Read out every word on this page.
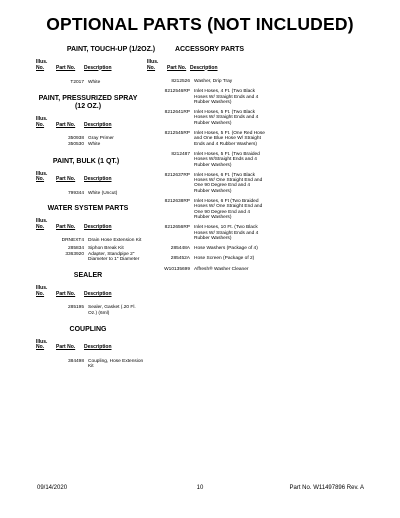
OPTIONAL PARTS (NOT INCLUDED)
PAINT, TOUCH-UP (1/2OZ.)
Illus.
No.	Part No.	Description
T2017 White
PAINT, PRESSURIZED SPRAY (12 OZ.)
Illus.
No.	Part No.	Description
350938 Gray Primer
350530 White
PAINT, BULK (1 QT.)
Illus.
No.	Part No.	Description
799344 White (Uncut)
WATER SYSTEM PARTS
Illus.
No.	Part No.	Description
DRNEXT4 Drain Hose Extension Kit
285834 Siphon Break Kit
3363920 Adapter, Standpipe 2" Diameter to 1" Diameter
SEALER
Illus.
No.	Part No.	Description
285195 Sealer, Gasket (.20 Fl. Oz.) (6ml)
COUPLING
Illus.
No.	Part No.	Description
384498 Coupling, Hose Extension Kit
ACCESSORY PARTS
Illus.
No.	Part No. Description
8212526 Washer, Drip Tray
8212546RP Inlet Hoses, 4 Ft. (Two Black Hoses W/ Straight Ends and 4 Rubber Washers)
8212641RP Inlet Hoses, 5 Ft. (Two Black Hoses W/ Straight Ends and 4 Rubber Washers)
8212545RP Inlet Hoses, 5 Ft. (One Red Hose and One Blue Hose W/ Straight Ends and 4 Rubber Washers)
8212487 Inlet Hoses, 5 Ft. (Two Braided Hoses W/Straight Ends and 4 Rubber Washers)
8212637RP Inlet Hoses, 6 Ft. (Two Black Hoses W/ One Straight End and One 90 Degree End and 4 Rubber Washers)
8212638RP Inlet Hoses, 6 Ft (Two Braided Hoses W/ One Straight End and One 90 Degree End and 4 Rubber Washers)
8212656RP Inlet Hoses, 10 Ft. (Two Black Hoses W/ Straight Ends and 4 Rubber Washers)
285448A Hose Washers (Package of 4)
285452A Hose Screen (Package of 2)
W10135699 Affresh® Washer Cleaner
09/14/2020	10	Part No. W11497896 Rev. A
